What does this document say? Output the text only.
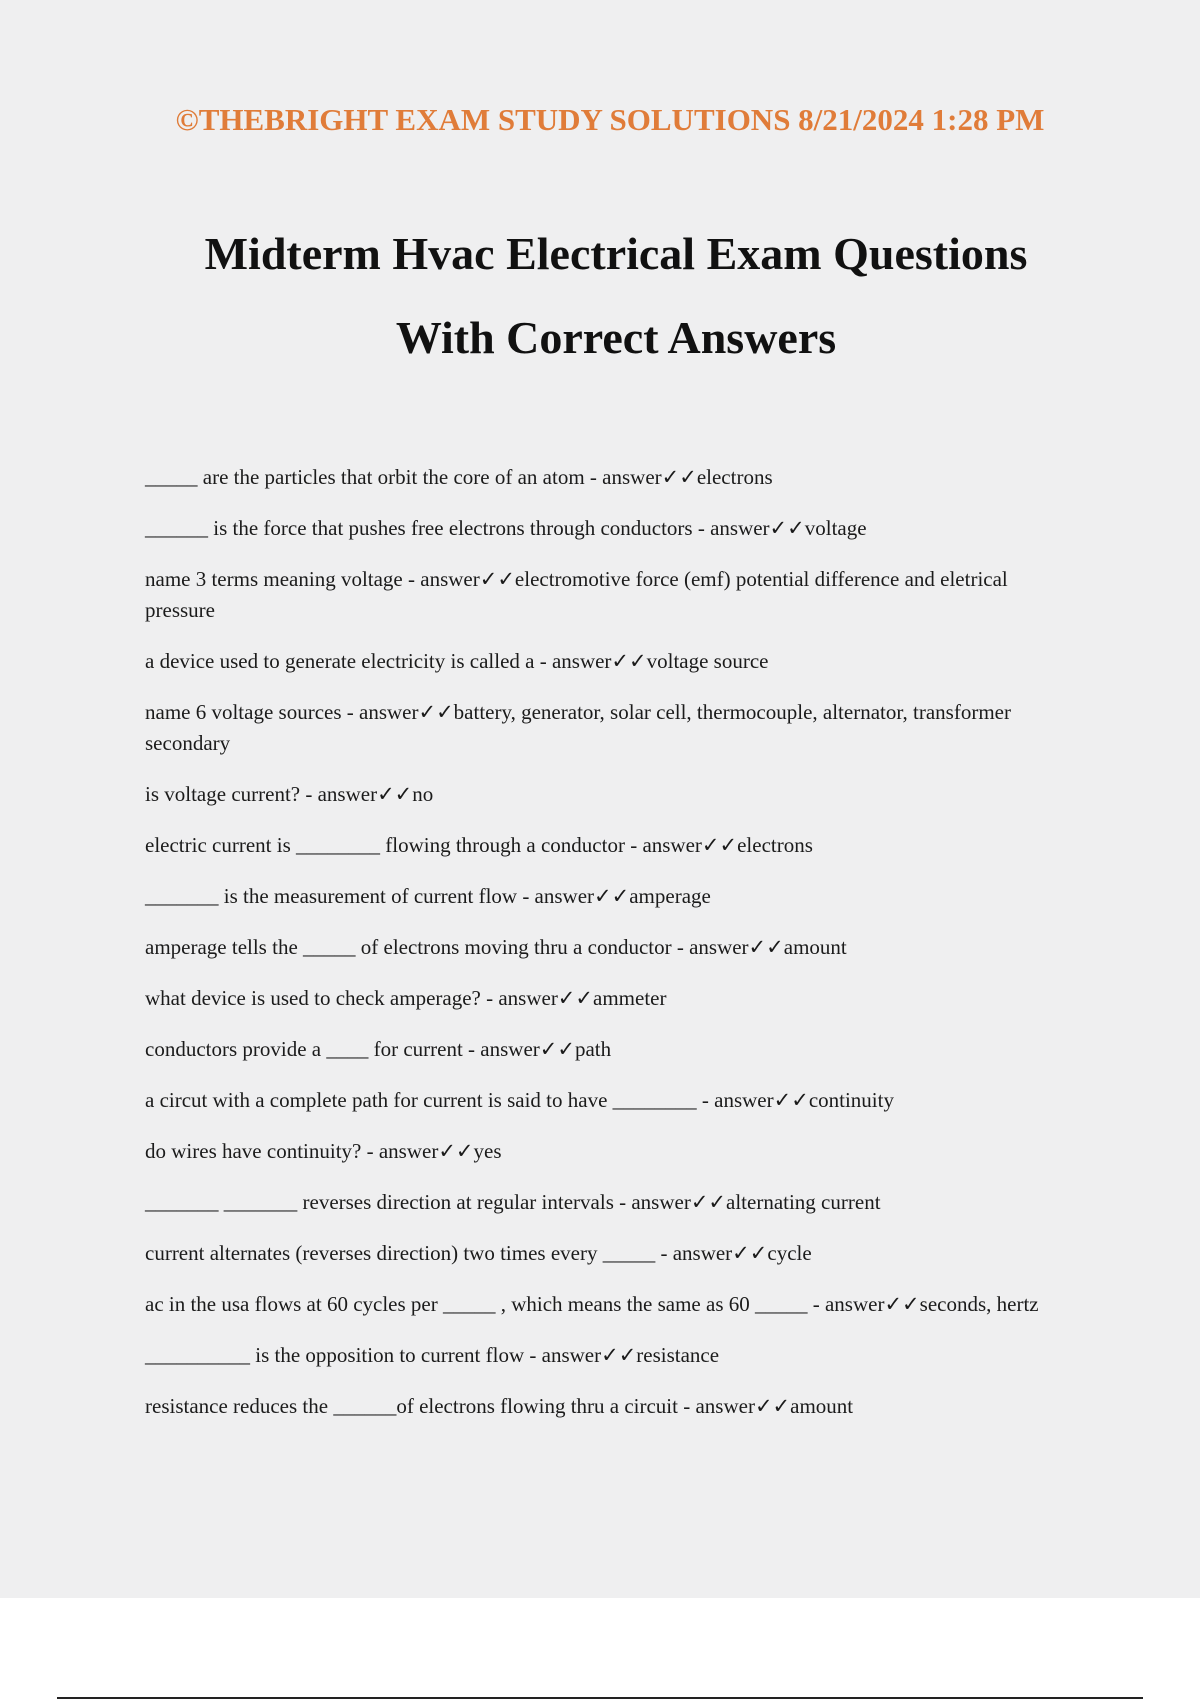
©THEBRIGHT EXAM STUDY SOLUTIONS 8/21/2024 1:28 PM
Midterm Hvac Electrical Exam Questions
With Correct Answers
_____ are the particles that orbit the core of an atom - answer✓✓electrons
______ is the force that pushes free electrons through conductors - answer✓✓voltage
name 3 terms meaning voltage - answer✓✓electromotive force (emf) potential difference and eletrical pressure
a device used to generate electricity is called a - answer✓✓voltage source
name 6 voltage sources - answer✓✓battery, generator, solar cell, thermocouple, alternator, transformer secondary
is voltage current? - answer✓✓no
electric current is ________ flowing through a conductor - answer✓✓electrons
_______ is the measurement of current flow - answer✓✓amperage
amperage tells the _____ of electrons moving thru a conductor - answer✓✓amount
what device is used to check amperage? - answer✓✓ammeter
conductors provide a ____ for current - answer✓✓path
a circut with a complete path for current is said to have ________ - answer✓✓continuity
do wires have continuity? - answer✓✓yes
_______ _______ reverses direction at regular intervals - answer✓✓alternating current
current alternates (reverses direction) two times every _____ - answer✓✓cycle
ac in the usa flows at 60 cycles per _____ , which means the same as 60 _____ - answer✓✓seconds, hertz
__________ is the opposition to current flow - answer✓✓resistance
resistance reduces the ______of electrons flowing thru a circuit - answer✓✓amount
